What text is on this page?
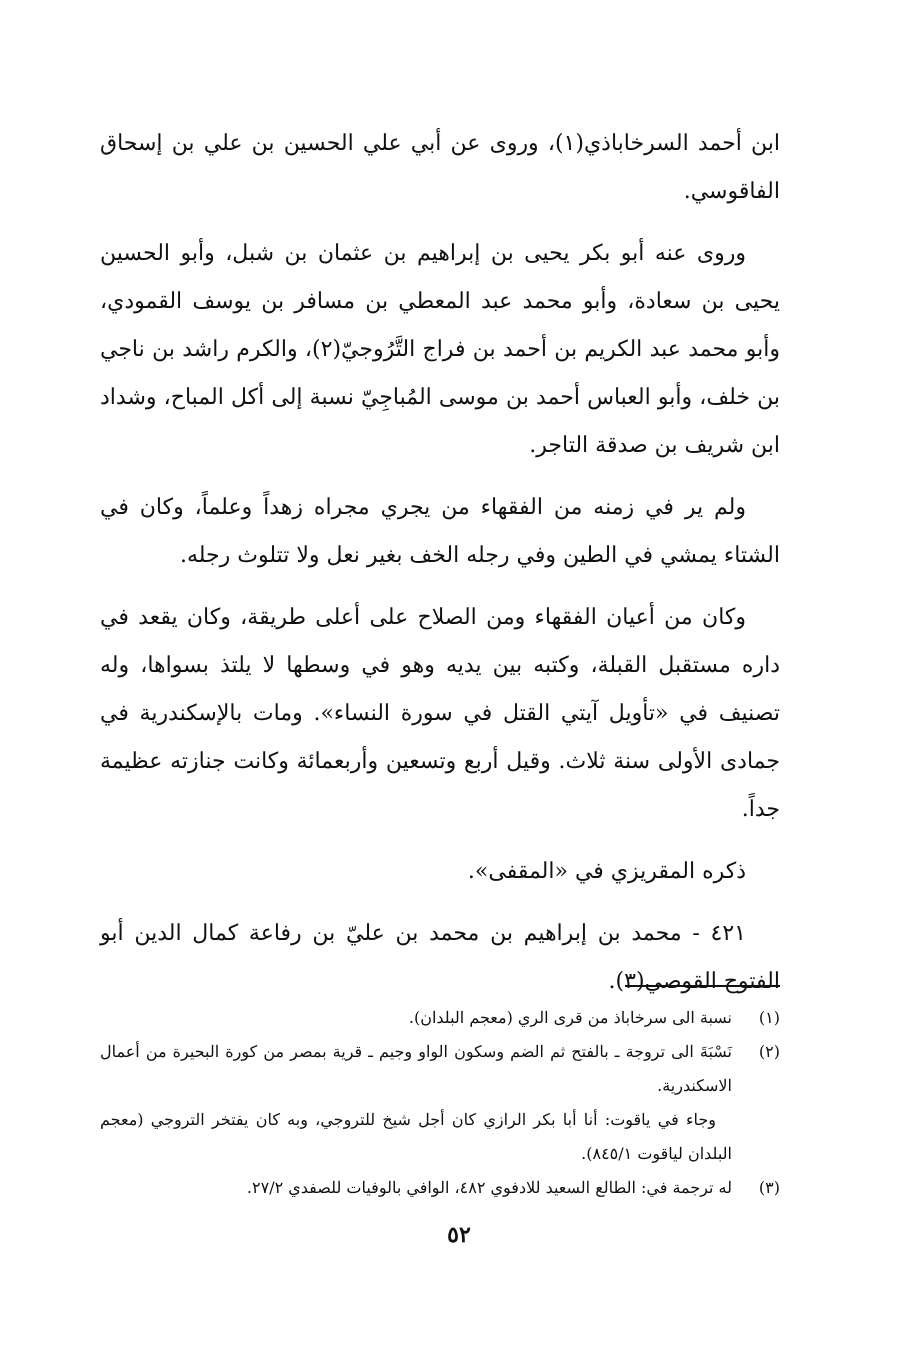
ابن أحمد السرخاباذي(١)، وروى عن أبي علي الحسين بن علي بن إسحاق الفاقوسي.

وروى عنه أبو بكر يحيى بن إبراهيم بن عثمان بن شبل، وأبو الحسين يحيى بن سعادة، وأبو محمد عبد المعطي بن مسافر بن يوسف القمودي، وأبو محمد عبد الكريم بن أحمد بن فراج التَّرُوجيّ(٢)، والكرم راشد بن ناجي بن خلف، وأبو العباس أحمد بن موسى المُباجِيّ نسبة إلى أكل المباح، وشداد ابن شريف بن صدقة التاجر.

ولم ير في زمنه من الفقهاء من يجري مجراه زهداً وعلماً، وكان في الشتاء يمشي في الطين وفي رجله الخف بغير نعل ولا تتلوث رجله.

وكان من أعيان الفقهاء ومن الصلاح على أعلى طريقة، وكان يقعد في داره مستقبل القبلة، وكتبه بين يديه وهو في وسطها لا يلتذ بسواها، وله تصنيف في «تأويل آيتي القتل في سورة النساء». ومات بالإسكندرية في جمادى الأولى سنة ثلاث. وقيل أربع وتسعين وأربعمائة وكانت جنازته عظيمة جداً.

ذكره المقريزي في «المقفى».

٤٢١ - محمد بن إبراهيم بن محمد بن عليّ بن رفاعة كمال الدين أبو الفتوح القوصي(٣).

(١)
نسبة الى سرخاباذ من قرى الري (معجم البلدان).
(٢)
نَسْبَةَ الى تروجة ـ بالفتح ثم الضم وسكون الواو وجيم ـ قرية بمصر من كورة البحيرة من أعمال الاسكندرية.
وجاء في ياقوت: أنا أبا بكر الرازي كان أجل شيخ للتروجي، وبه كان يفتخر التروجي (معجم البلدان لياقوت ٨٤٥/١).
(٣)
له ترجمة في: الطالع السعيد للادفوي ٤٨٢، الوافي بالوفيات للصفدي ٢٧/٢.
٥٢
